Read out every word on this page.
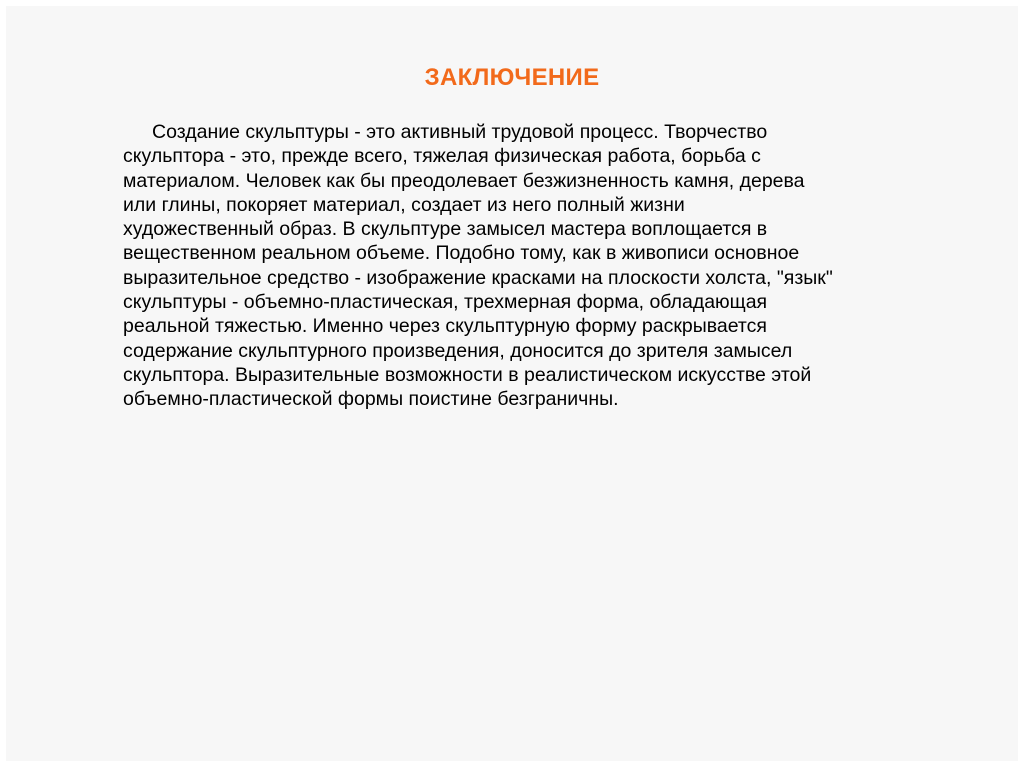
ЗАКЛЮЧЕНИЕ

Создание скульптуры - это активный трудовой процесс. Творчество
скульптора - это, прежде всего, тяжелая физическая работа, борьба с
материалом. Человек как бы преодолевает безжизненность камня, дерева
или глины, покоряет материал, создает из него полный жизни
художественный образ. В скульптуре замысел мастера воплощается в
вещественном реальном объеме. Подобно тому, как в живописи основное
выразительное средство - изображение красками на плоскости холста, "язык"
скульптуры - объемно-пластическая, трехмерная форма, обладающая
реальной тяжестью. Именно через скульптурную форму раскрывается
содержание скульптурного произведения, доносится до зрителя замысел
скульптора. Выразительные возможности в реалистическом искусстве этой
объемно-пластической формы поистине безграничны.
